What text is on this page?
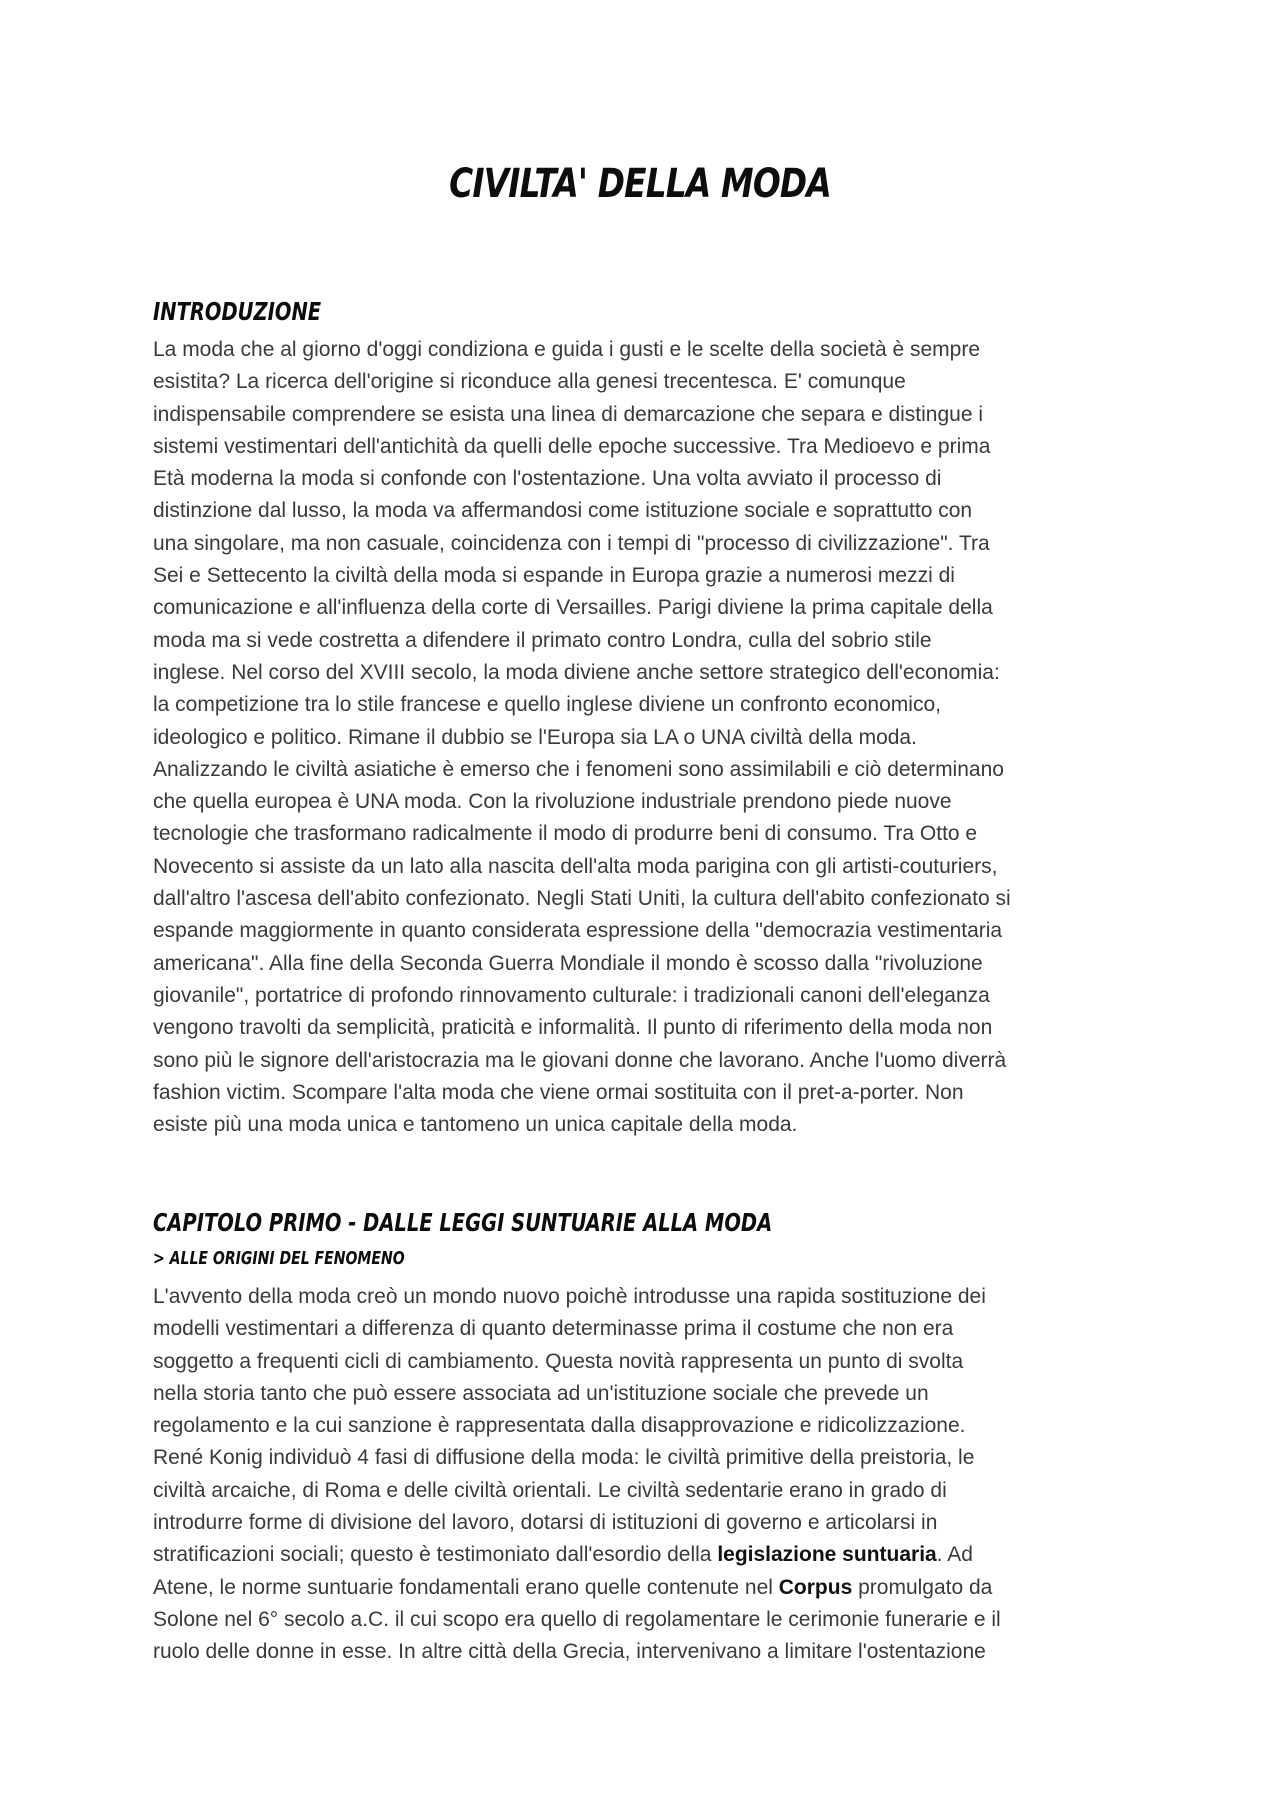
CIVILTA' DELLA MODA
INTRODUZIONE

La moda che al giorno d'oggi condiziona e guida i gusti e le scelte della società è sempre
esistita? La ricerca dell'origine si riconduce alla genesi trecentesca. E' comunque
indispensabile comprendere se esista una linea di demarcazione che separa e distingue i
sistemi vestimentari dell'antichità da quelli delle epoche successive. Tra Medioevo e prima
Età moderna la moda si confonde con l'ostentazione. Una volta avviato il processo di
distinzione dal lusso, la moda va affermandosi come istituzione sociale e soprattutto con
una singolare, ma non casuale, coincidenza con i tempi di "processo di civilizzazione". Tra
Sei e Settecento la civiltà della moda si espande in Europa grazie a numerosi mezzi di
comunicazione e all'influenza della corte di Versailles. Parigi diviene la prima capitale della
moda ma si vede costretta a difendere il primato contro Londra, culla del sobrio stile
inglese. Nel corso del XVIII secolo, la moda diviene anche settore strategico dell'economia:
la competizione tra lo stile francese e quello inglese diviene un confronto economico,
ideologico e politico. Rimane il dubbio se l'Europa sia LA o UNA civiltà della moda.
Analizzando le civiltà asiatiche è emerso che i fenomeni sono assimilabili e ciò determinano
che quella europea è UNA moda. Con la rivoluzione industriale prendono piede nuove
tecnologie che trasformano radicalmente il modo di produrre beni di consumo. Tra Otto e
Novecento si assiste da un lato alla nascita dell'alta moda parigina con gli artisti-couturiers,
dall'altro l'ascesa dell'abito confezionato. Negli Stati Uniti, la cultura dell'abito confezionato si
espande maggiormente in quanto considerata espressione della "democrazia vestimentaria
americana". Alla fine della Seconda Guerra Mondiale il mondo è scosso dalla "rivoluzione
giovanile", portatrice di profondo rinnovamento culturale: i tradizionali canoni dell'eleganza
vengono travolti da semplicità, praticità e informalità. Il punto di riferimento della moda non
sono più le signore dell'aristocrazia ma le giovani donne che lavorano. Anche l'uomo diverrà
fashion victim. Scompare l'alta moda che viene ormai sostituita con il pret-a-porter. Non
esiste più una moda unica e tantomeno un unica capitale della moda.

CAPITOLO PRIMO - DALLE LEGGI SUNTUARIE ALLA MODA
> ALLE ORIGINI DEL FENOMENO

L'avvento della moda creò un mondo nuovo poichè introdusse una rapida sostituzione dei
modelli vestimentari a differenza di quanto determinasse prima il costume che non era
soggetto a frequenti cicli di cambiamento. Questa novità rappresenta un punto di svolta
nella storia tanto che può essere associata ad un'istituzione sociale che prevede un
regolamento e la cui sanzione è rappresentata dalla disapprovazione e ridicolizzazione.
René Konig individuò 4 fasi di diffusione della moda: le civiltà primitive della preistoria, le
civiltà arcaiche, di Roma e delle civiltà orientali. Le civiltà sedentarie erano in grado di
introdurre forme di divisione del lavoro, dotarsi di istituzioni di governo e articolarsi in
stratificazioni sociali; questo è testimoniato dall'esordio della legislazione suntuaria. Ad
Atene, le norme suntuarie fondamentali erano quelle contenute nel Corpus promulgato da
Solone nel 6° secolo a.C. il cui scopo era quello di regolamentare le cerimonie funerarie e il
ruolo delle donne in esse. In altre città della Grecia, intervenivano a limitare l'ostentazione
